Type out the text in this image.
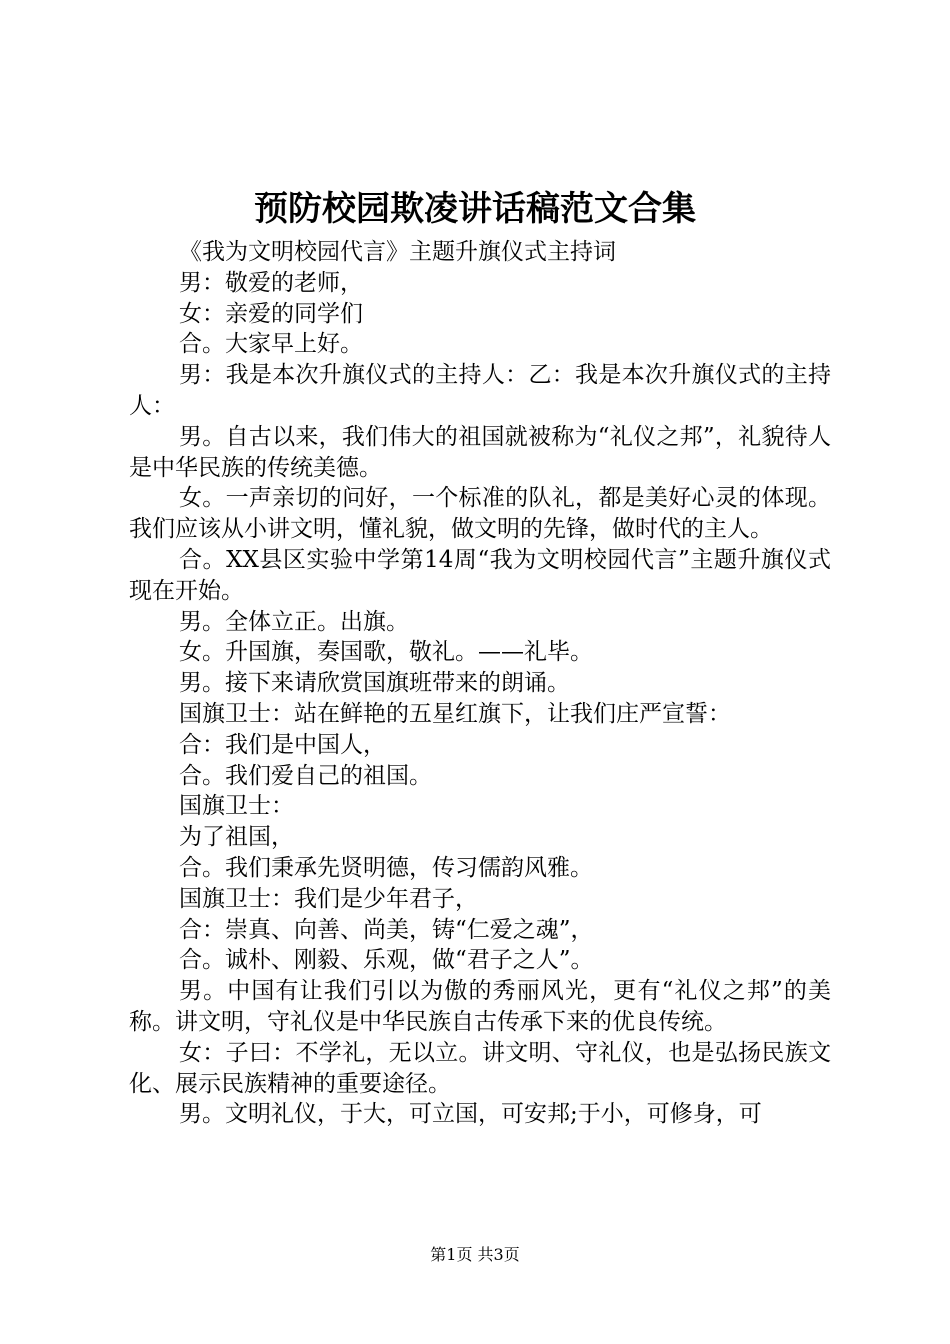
预防校园欺凌讲话稿范文合集

《我为文明校园代言》主题升旗仪式主持词

男：敬爱的老师，

女：亲爱的同学们

合。大家早上好。

男：我是本次升旗仪式的主持人：乙：我是本次升旗仪式的主持人：

男。自古以来，我们伟大的祖国就被称为“礼仪之邦”，礼貌待人是中华民族的传统美德。

女。一声亲切的问好，一个标准的队礼，都是美好心灵的体现。我们应该从小讲文明，懂礼貌，做文明的先锋，做时代的主人。

合。XX县区实验中学第14周“我为文明校园代言”主题升旗仪式现在开始。

男。全体立正。出旗。

女。升国旗，奏国歌，敬礼。——礼毕。

男。接下来请欣赏国旗班带来的朗诵。

国旗卫士：站在鲜艳的五星红旗下，让我们庄严宣誓：

合：我们是中国人，

合。我们爱自己的祖国。

国旗卫士：

为了祖国，

合。我们秉承先贤明德，传习儒韵风雅。

国旗卫士：我们是少年君子，

合：崇真、向善、尚美，铸“仁爱之魂”，

合。诚朴、刚毅、乐观，做“君子之人”。

男。中国有让我们引以为傲的秀丽风光，更有“礼仪之邦”的美称。讲文明，守礼仪是中华民族自古传承下来的优良传统。

女：子曰：不学礼，无以立。讲文明、守礼仪，也是弘扬民族文化、展示民族精神的重要途径。

男。文明礼仪，于大，可立国，可安邦;于小，可修身，可

第1页 共3页
